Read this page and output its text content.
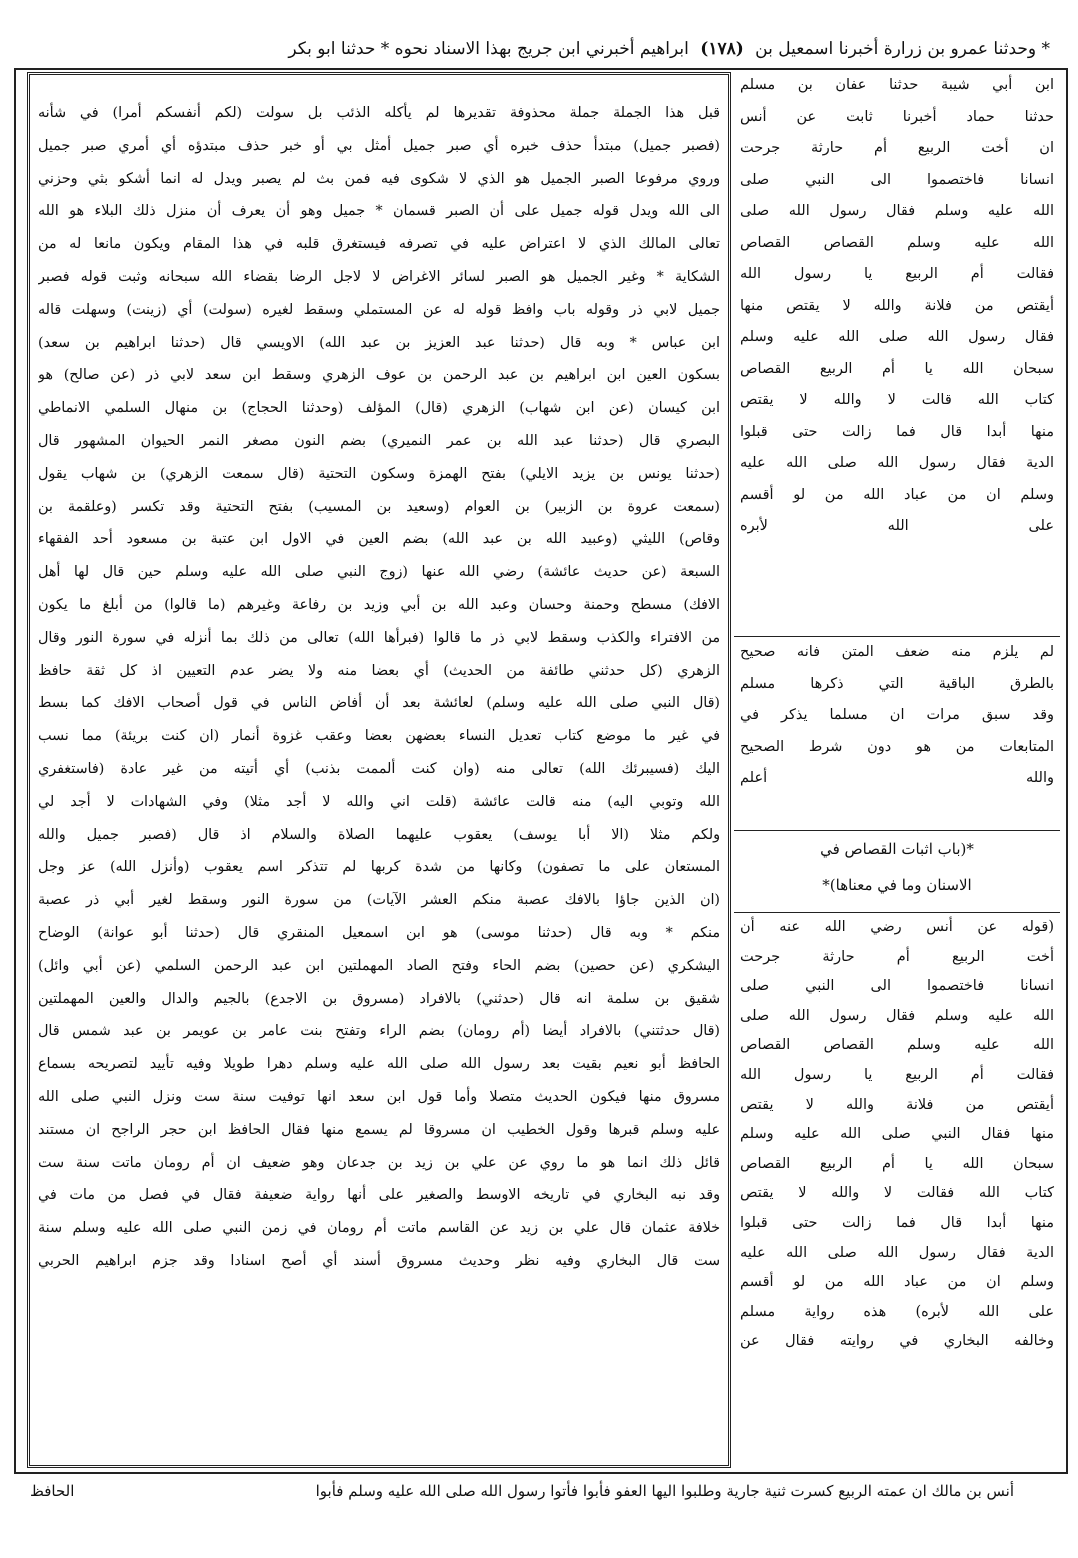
* وحدثنا عمرو بن زرارة أخبرنا اسمعيل بن (١٧٨) ابراهيم أخبرني ابن جريج بهذا الاسناد نحوه * حدثنا ابو بكر
قبل هذا الجملة جملة محذوفة تقديرها لم يأكله الذئب بل سولت (لكم أنفسكم أمرا) في شأنه
(فصبر جميل) مبتدأ حذف خبره أي صبر جميل أمثل بي أو خبر حذف مبتدؤه أي أمري صبر جميل
وروي مرفوعا الصبر الجميل هو الذي لا شكوى فيه فمن بث لم يصبر ويدل له انما أشكو بثي وحزني
الى الله ويدل قوله جميل على أن الصبر قسمان * جميل وهو أن يعرف أن منزل ذلك البلاء هو الله
تعالى المالك الذي لا اعتراض عليه في تصرفه فيستغرق قلبه في هذا المقام ويكون مانعا له من
الشكاية * وغير الجميل هو الصبر لسائر الاغراض لا لاجل الرضا بقضاء الله سبحانه وثبت قوله فصبر
جميل لابي ذر وقوله باب وافظ قوله له عن المستملي وسقط لغيره (سولت) أي (زينت) وسهلت قاله
ابن عباس * وبه قال (حدثنا عبد العزيز بن عبد الله) الاويسي قال (حدثنا ابراهيم بن سعد)
بسكون العين ابن ابراهيم بن عبد الرحمن بن عوف الزهري وسقط ابن سعد لابي ذر (عن صالح) هو
ابن كيسان (عن ابن شهاب) الزهري (قال) المؤلف (وحدثنا الحجاج) بن منهال السلمي الانماطي
البصري قال (حدثنا عبد الله بن عمر النميري) بضم النون مصغر النمر الحيوان المشهور قال
(حدثنا يونس بن يزيد الايلي) بفتح الهمزة وسكون التحتية (قال سمعت الزهري) بن شهاب يقول
(سمعت عروة بن الزبير) بن العوام (وسعيد بن المسيب) بفتح التحتية وقد تكسر (وعلقمة بن
وقاص) الليثي (وعبيد الله بن عبد الله) بضم العين في الاول ابن عتبة بن مسعود أحد الفقهاء
السبعة (عن حديث عائشة) رضي الله عنها (زوج النبي صلى الله عليه وسلم حين قال لها أهل
الافك) مسطح وحمنة وحسان وعبد الله بن أبي وزيد بن رفاعة وغيرهم (ما قالوا) من أبلغ ما يكون
من الافتراء والكذب وسقط لابي ذر ما قالوا (فبرأها الله) تعالى من ذلك بما أنزله في سورة النور وقال
الزهري (كل حدثني طائفة من الحديث) أي بعضا منه ولا يضر عدم التعيين اذ كل ثقة حافظ
(قال النبي صلى الله عليه وسلم) لعائشة بعد أن أفاض الناس في قول أصحاب الافك كما بسط
في غير ما موضع كتاب تعديل النساء بعضهن بعضا وعقب غزوة أنمار (ان كنت بريئة) مما نسب
اليك (فسيبرئك الله) تعالى منه (وان كنت ألممت بذنب) أي أتيته من غير عادة (فاستغفري
الله وتوبي اليه) منه قالت عائشة (قلت اني والله لا أجد مثلا) وفي الشهادات لا أجد لي
ولكم مثلا (الا أبا يوسف) يعقوب عليهما الصلاة والسلام اذ قال (فصبر جميل والله
المستعان على ما تصفون) وكانها من شدة كربها لم تتذكر اسم يعقوب (وأنزل الله) عز وجل
(ان الذين جاؤا بالافك عصبة منكم العشر الآيات) من سورة النور وسقط لغير أبي ذر عصبة
منكم * وبه قال (حدثنا موسى) هو ابن اسمعيل المنقري قال (حدثنا أبو عوانة) الوضاح
اليشكري (عن حصين) بضم الحاء وفتح الصاد المهملتين ابن عبد الرحمن السلمي (عن أبي وائل)
شقيق بن سلمة انه قال (حدثني) بالافراد (مسروق بن الاجدع) بالجيم والدال والعين المهملتين
(قال حدثتني) بالافراد أيضا (أم رومان) بضم الراء وتفتح بنت عامر بن عويمر بن عبد شمس قال
الحافظ أبو نعيم بقيت بعد رسول الله صلى الله عليه وسلم دهرا طويلا وفيه تأييد لتصريحه بسماع
مسروق منها فيكون الحديث متصلا وأما قول ابن سعد انها توفيت سنة ست ونزل النبي صلى الله
عليه وسلم قبرها وقول الخطيب ان مسروقا لم يسمع منها فقال الحافظ ابن حجر الراجح ان مستند
قائل ذلك انما هو ما روي عن علي بن زيد بن جدعان وهو ضعيف ان أم رومان ماتت سنة ست
وقد نبه البخاري في تاريخه الاوسط والصغير على أنها رواية ضعيفة فقال في فصل من مات في
خلافة عثمان قال علي بن زيد عن القاسم ماتت أم رومان في زمن النبي صلى الله عليه وسلم سنة
ست قال البخاري وفيه نظر وحديث مسروق أسند أي أصح اسنادا وقد جزم ابراهيم الحربي
ابن أبي شيبة حدثنا عفان بن مسلم
حدثنا حماد أخبرنا ثابت عن أنس
ان أخت الربيع أم حارثة جرحت
انسانا فاختصموا الى النبي صلى
الله عليه وسلم فقال رسول الله صلى
الله عليه وسلم القصاص القصاص
فقالت أم الربيع يا رسول الله
أيقتص من فلانة والله لا يقتص منها
فقال رسول الله صلى الله عليه وسلم
سبحان الله يا أم الربيع القصاص
كتاب الله قالت لا والله لا يقتص
منها أبدا قال فما زالت حتى قبلوا
الدية فقال رسول الله صلى الله عليه
وسلم ان من عباد الله من لو أقسم
على الله لأبره
لم يلزم منه ضعف المتن فانه صحيح
بالطرق الباقية التي ذكرها مسلم
وقد سبق مرات ان مسلما يذكر في
المتابعات من هو دون شرط الصحيح
والله أعلم
*(باب اثبات القصاص في
الاسنان وما في معناها)*
(قوله عن أنس رضي الله عنه أن
أخت الربيع أم حارثة جرحت
انسانا فاختصموا الى النبي صلى
الله عليه وسلم فقال رسول الله صلى
الله عليه وسلم القصاص القصاص
فقالت أم الربيع يا رسول الله
أيقتص من فلانة والله لا يقتص
منها فقال النبي صلى الله عليه وسلم
سبحان الله يا أم الربيع القصاص
كتاب الله فقالت لا والله لا يقتص
منها أبدا قال فما زالت حتى قبلوا
الدية فقال رسول الله صلى الله عليه
وسلم ان من عباد الله من لو أقسم
على الله لأبره) هذه رواية مسلم
وخالفه البخاري في روايته فقال عن
أنس بن مالك ان عمته الربيع كسرت ثنية جارية وطلبوا اليها العفو فأبوا فأتوا رسول الله صلى الله عليه وسلم فأبوا
الحافظ
